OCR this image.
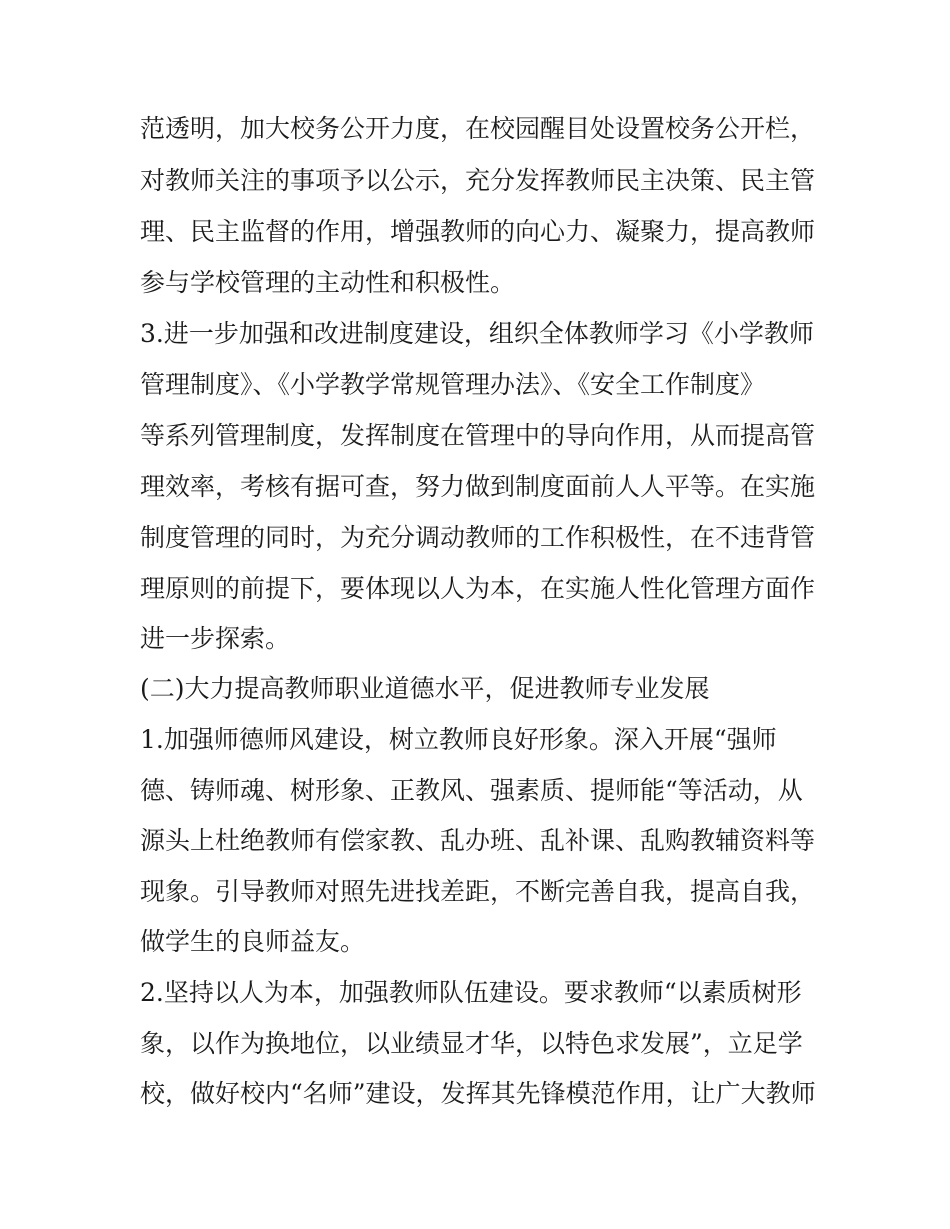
范透明，加大校务公开力度，在校园醒目处设置校务公开栏，
对教师关注的事项予以公示，充分发挥教师民主决策、民主管
理、民主监督的作用，增强教师的向心力、凝聚力，提高教师
参与学校管理的主动性和积极性。
3.进一步加强和改进制度建设，组织全体教师学习《小学教师
管理制度》、《小学教学常规管理办法》、《安全工作制度》
等系列管理制度，发挥制度在管理中的导向作用，从而提高管
理效率，考核有据可查，努力做到制度面前人人平等。在实施
制度管理的同时，为充分调动教师的工作积极性，在不违背管
理原则的前提下，要体现以人为本，在实施人性化管理方面作
进一步探索。
(二)大力提高教师职业道德水平，促进教师专业发展
1.加强师德师风建设，树立教师良好形象。深入开展“强师
德、铸师魂、树形象、正教风、强素质、提师能“等活动，从
源头上杜绝教师有偿家教、乱办班、乱补课、乱购教辅资料等
现象。引导教师对照先进找差距，不断完善自我，提高自我，
做学生的良师益友。
2.坚持以人为本，加强教师队伍建设。要求教师“以素质树形
象，以作为换地位，以业绩显才华，以特色求发展”，立足学
校，做好校内“名师”建设，发挥其先锋模范作用，让广大教师
